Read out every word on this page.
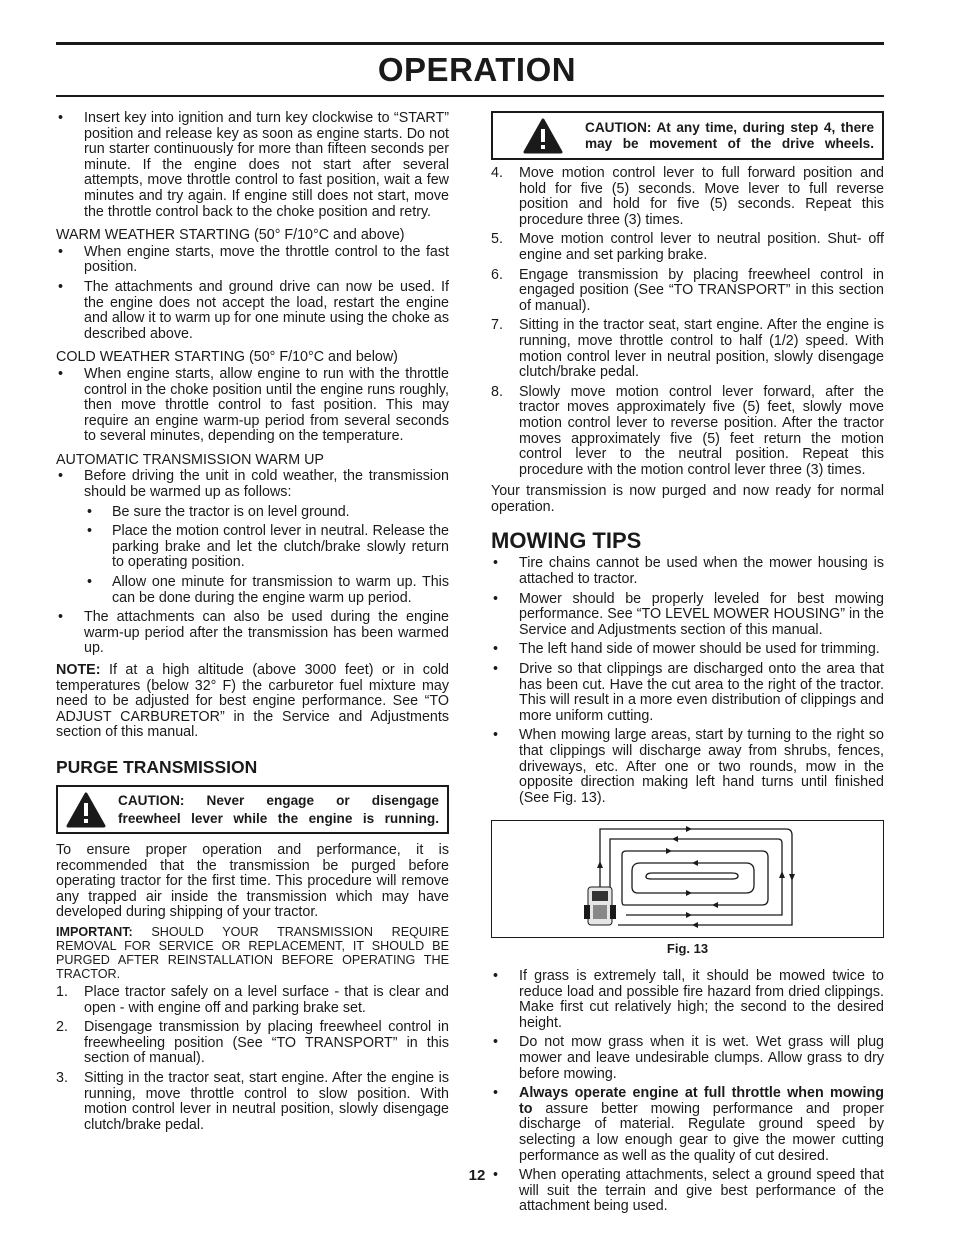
OPERATION
• Insert key into ignition and turn key clockwise to “START” position and release key as soon as engine starts. Do not run starter continuously for more than fifteen seconds per minute. If the engine does not start after several attempts, move throttle control to fast position, wait a few minutes and try again. If engine still does not start, move the throttle control back to the choke position and retry.
WARM WEATHER STARTING (50° F/10°C and above)
• When engine starts, move the throttle control to the fast position.
• The attachments and ground drive can now be used. If the engine does not accept the load, restart the engine and allow it to warm up for one minute using the choke as described above.
COLD WEATHER STARTING (50° F/10°C and below)
• When engine starts, allow engine to run with the throttle control in the choke position until the engine runs roughly, then move throttle control to fast position. This may require an engine warm-up period from several seconds to several minutes, depending on the temperature.
AUTOMATIC TRANSMISSION WARM UP
• Before driving the unit in cold weather, the transmission should be warmed up as follows:
• Be sure the tractor is on level ground.
• Place the motion control lever in neutral. Release the parking brake and let the clutch/brake slowly return to operating position.
• Allow one minute for transmission to warm up. This can be done during the engine warm up period.
• The attachments can also be used during the engine warm-up period after the transmission has been warmed up.

NOTE: If at a high altitude (above 3000 feet) or in cold temperatures (below 32° F) the carburetor fuel mixture may need to be adjusted for best engine performance. See “TO ADJUST CARBURETOR” in the Service and Adjustments section of this manual.

PURGE TRANSMISSION
CAUTION: Never engage or disengage
freewheel lever while the engine is running.

To ensure proper operation and performance, it is recommended that the transmission be purged before operating tractor for the first time. This procedure will remove any trapped air inside the transmission which may have developed during shipping of your tractor.

IMPORTANT: SHOULD YOUR TRANSMISSION REQUIRE REMOVAL FOR SERVICE OR REPLACEMENT, IT SHOULD BE PURGED AFTER REINSTALLATION BEFORE OPERATING THE TRACTOR.

1. Place tractor safely on a level surface - that is clear and open - with engine off and parking brake set.
2. Disengage transmission by placing freewheel control in freewheeling position (See “TO TRANSPORT” in this section of manual).
3. Sitting in the tractor seat, start engine. After the engine is running, move throttle control to slow position. With motion control lever in neutral position, slowly disengage clutch/brake pedal.
CAUTION: At any time, during step 4, there
may be movement of the drive wheels.
4. Move motion control lever to full forward position and hold for five (5) seconds. Move lever to full reverse position and hold for five (5) seconds. Repeat this procedure three (3) times.
5. Move motion control lever to neutral position. Shut- off engine and set parking brake.
6. Engage transmission by placing freewheel control in engaged position (See “TO TRANSPORT” in this section of manual).
7. Sitting in the tractor seat, start engine. After the engine is running, move throttle control to half (1/2) speed. With motion control lever in neutral position, slowly disengage clutch/brake pedal.
8. Slowly move motion control lever forward, after the tractor moves approximately five (5) feet, slowly move motion control lever to reverse position. After the tractor moves approximately five (5) feet return the motion control lever to the neutral position. Repeat this procedure with the motion control lever three (3) times.

Your transmission is now purged and now ready for normal operation.

MOWING TIPS
• Tire chains cannot be used when the mower housing is attached to tractor.
• Mower should be properly leveled for best mowing performance. See “TO LEVEL MOWER HOUSING” in the Service and Adjustments section of this manual.
• The left hand side of mower should be used for trimming.
• Drive so that clippings are discharged onto the area that has been cut. Have the cut area to the right of the tractor. This will result in a more even distribution of clippings and more uniform cutting.
• When mowing large areas, start by turning to the right so that clippings will discharge away from shrubs, fences, driveways, etc. After one or two rounds, mow in the opposite direction making left hand turns until finished (See Fig. 13).
Fig. 13
• If grass is extremely tall, it should be mowed twice to reduce load and possible fire hazard from dried clippings. Make first cut relatively high; the second to the desired height.
• Do not mow grass when it is wet. Wet grass will plug mower and leave undesirable clumps. Allow grass to dry before mowing.
• Always operate engine at full throttle when mowing to assure better mowing performance and proper discharge of material. Regulate ground speed by selecting a low enough gear to give the mower cutting performance as well as the quality of cut desired.
• When operating attachments, select a ground speed that will suit the terrain and give best performance of the attachment being used.
12
